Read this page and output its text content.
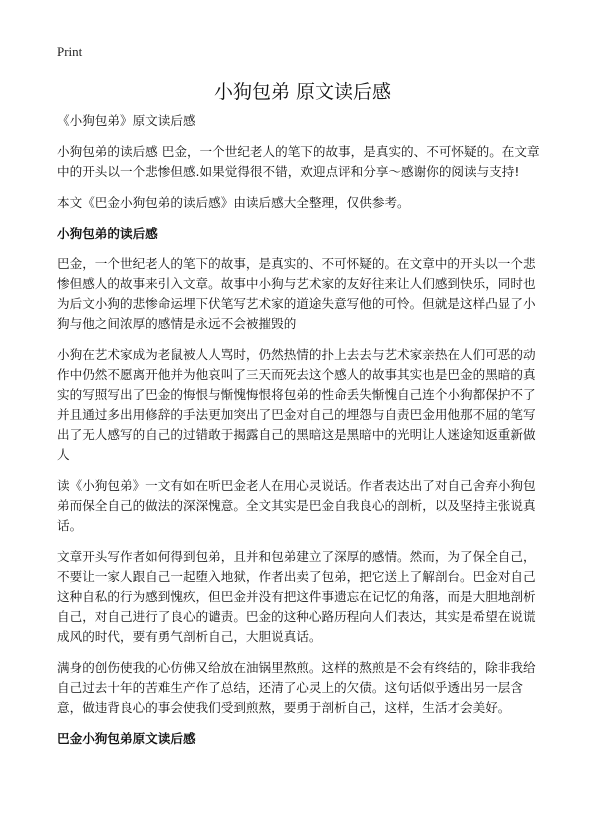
Print
小狗包弟 原文读后感

《小狗包弟》原文读后感

小狗包弟的读后感 巴金，一个世纪老人的笔下的故事，是真实的、不可怀疑的。在文章中的开头以一个悲惨但感.如果觉得很不错，欢迎点评和分享～感谢你的阅读与支持!

本文《巴金小狗包弟的读后感》由读后感大全整理，仅供参考。

小狗包弟的读后感

巴金，一个世纪老人的笔下的故事，是真实的、不可怀疑的。在文章中的开头以一个悲惨但感人的故事来引入文章。故事中小狗与艺术家的友好往来让人们感到快乐，同时也为后文小狗的悲惨命运埋下伏笔写艺术家的道途失意写他的可怜。但就是这样凸显了小狗与他之间浓厚的感情是永远不会被摧毁的

小狗在艺术家成为老鼠被人人骂时，仍然热情的扑上去去与艺术家亲热在人们可恶的动作中仍然不愿离开他并为他哀叫了三天而死去这个感人的故事其实也是巴金的黑暗的真实的写照写出了巴金的悔恨与惭愧悔恨将包弟的性命丢失惭愧自己连个小狗都保护不了并且通过多出用修辞的手法更加突出了巴金对自己的埋怨与自责巴金用他那不屈的笔写出了无人感写的自己的过错敢于揭露自己的黑暗这是黑暗中的光明让人迷途知返重新做人

读《小狗包弟》一文有如在听巴金老人在用心灵说话。作者表达出了对自己舍弃小狗包弟而保全自己的做法的深深愧意。全文其实是巴金自我良心的剖析，以及坚持主张说真话。

文章开头写作者如何得到包弟，且并和包弟建立了深厚的感情。然而，为了保全自己，不要让一家人跟自己一起堕入地狱，作者出卖了包弟，把它送上了解剖台。巴金对自己这种自私的行为感到愧疚，但巴金并没有把这件事遗忘在记忆的角落，而是大胆地剖析自己，对自己进行了良心的谴责。巴金的这种心路历程向人们表达，其实是希望在说谎成风的时代，要有勇气剖析自己，大胆说真话。

满身的创伤使我的心仿佛又给放在油锅里熬煎。这样的熬煎是不会有终结的，除非我给自己过去十年的苦难生产作了总结，还清了心灵上的欠债。这句话似乎透出另一层含意，做违背良心的事会使我们受到煎熬，要勇于剖析自己，这样，生活才会美好。

巴金小狗包弟原文读后感
